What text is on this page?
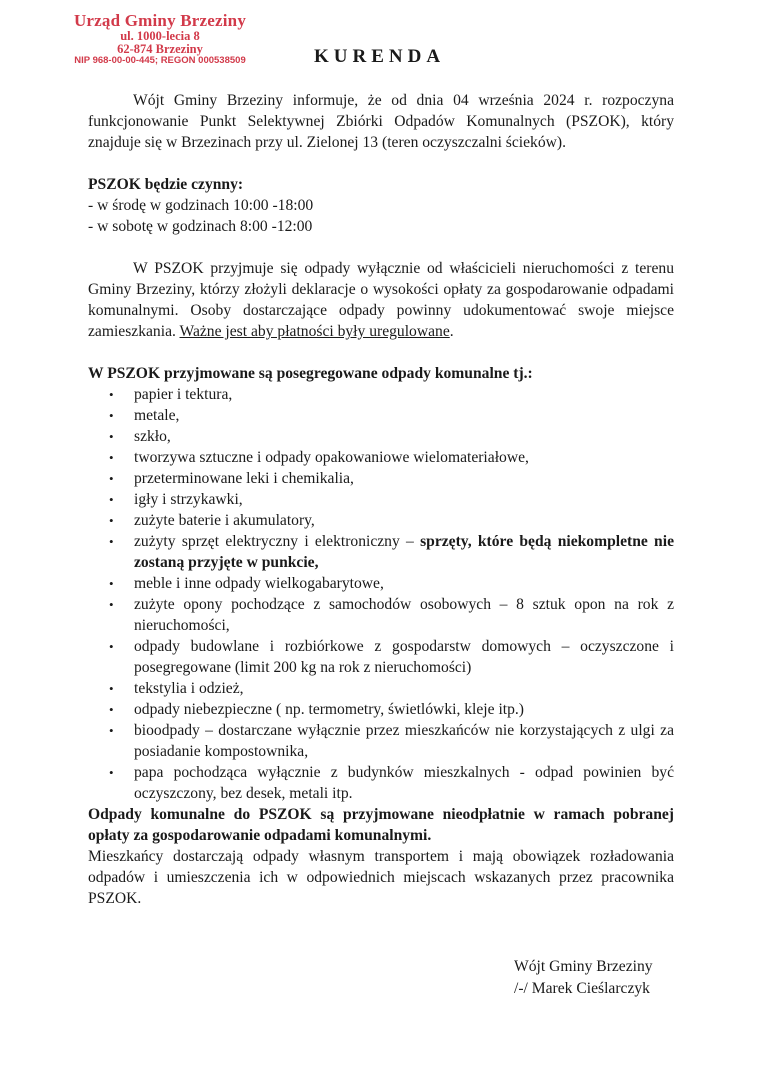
Urząd Gminy Brzeziny
ul. 1000-lecia 8
62-874 Brzeziny
NIP 968-00-00-445; REGON 000538509	KURENDA

Wójt Gminy Brzeziny informuje, że od dnia 04 września 2024 r. rozpoczyna funkcjonowanie Punkt Selektywnej Zbiórki Odpadów Komunalnych (PSZOK), który znajduje się w Brzezinach przy ul. Zielonej 13 (teren oczyszczalni ścieków).

PSZOK będzie czynny:
- w środę w godzinach 10:00 -18:00
- w sobotę w godzinach 8:00 -12:00

W PSZOK przyjmuje się odpady wyłącznie od właścicieli nieruchomości z terenu Gminy Brzeziny, którzy złożyli deklaracje o wysokości opłaty za gospodarowanie odpadami komunalnymi. Osoby dostarczające odpady powinny udokumentować swoje miejsce zamieszkania. Ważne jest aby płatności były uregulowane.

W PSZOK przyjmowane są posegregowane odpady komunalne tj.:
• papier i tektura,
• metale,
• szkło,
• tworzywa sztuczne i odpady opakowaniowe wielomateriałowe,
• przeterminowane leki i chemikalia,
• igły i strzykawki,
• zużyte baterie i akumulatory,
• zużyty sprzęt elektryczny i elektroniczny – sprzęty, które będą niekompletne nie zostaną przyjęte w punkcie,
• meble i inne odpady wielkogabarytowe,
• zużyte opony pochodzące z samochodów osobowych – 8 sztuk opon na rok z nieruchomości,
• odpady budowlane i rozbiórkowe z gospodarstw domowych – oczyszczone i posegregowane (limit 200 kg na rok z nieruchomości)
• tekstylia i odzież,
• odpady niebezpieczne ( np. termometry, świetlówki, kleje itp.)
• bioodpady – dostarczane wyłącznie przez mieszkańców nie korzystających z ulgi za posiadanie kompostownika,
• papa pochodząca wyłącznie z budynków mieszkalnych - odpad powinien być oczyszczony, bez desek, metali itp.

Odpady komunalne do PSZOK są przyjmowane nieodpłatnie w ramach pobranej opłaty za gospodarowanie odpadami komunalnymi.

Mieszkańcy dostarczają odpady własnym transportem i mają obowiązek rozładowania odpadów i umieszczenia ich w odpowiednich miejscach wskazanych przez pracownika PSZOK.

Wójt Gminy Brzeziny
/-/ Marek Cieślarczyk
